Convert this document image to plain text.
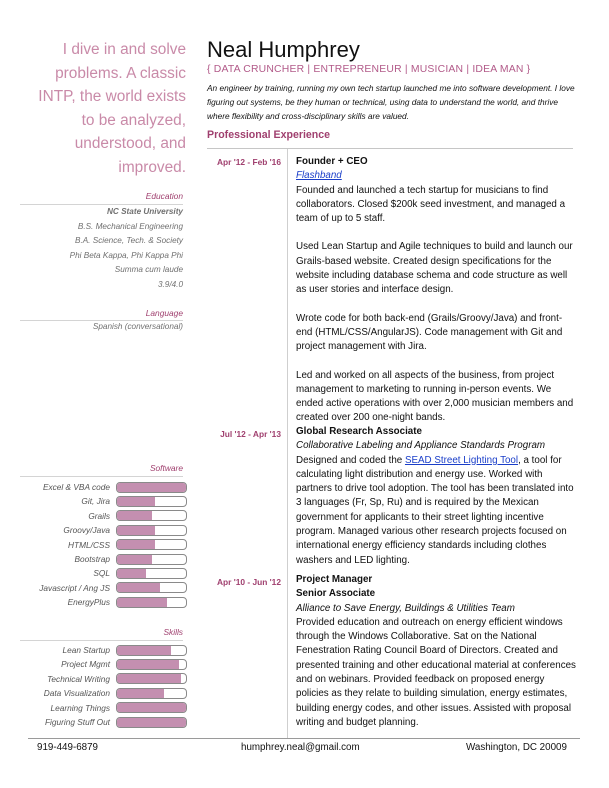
I dive in and solve
problems. A classic
INTP, the world exists
to be analyzed,
understood, and
improved.
Neal Humphrey
{ DATA CRUNCHER | ENTREPRENEUR | MUSICIAN | IDEA MAN }
An engineer by training, running my own tech startup launched me into software development. I love figuring out systems, be they human or technical, using data to understand the world, and thrive where flexibility and cross-disciplinary skills are valued.
Professional Experience
Education
NC State University
B.S. Mechanical Engineering
B.A. Science, Tech. & Society
Phi Beta Kappa, Phi Kappa Phi
Summa cum laude
3.9/4.0
Language
Spanish (conversational)
Software
Excel & VBA code
Git, Jira
Grails
Groovy/Java
HTML/CSS
Bootstrap
SQL
Javascript / Ang JS
EnergyPlus
Skills
Lean Startup
Project Mgmt
Technical Writing
Data Visualization
Learning Things
Figuring Stuff Out
Apr '12 - Feb '16 Founder + CEO

Flashband

Founded and launched a tech startup for musicians to find collaborators. Closed $200k seed investment, and managed a team of up to 5 staff.

Used Lean Startup and Agile techniques to build and launch our Grails-based website. Created design specifications for the website including database schema and code structure as well as user stories and interface design.

Wrote code for both back-end (Grails/Groovy/Java) and front-end (HTML/CSS/AngularJS). Code management with Git and project management with Jira.

Led and worked on all aspects of the business, from project management to marketing to running in-person events. We ended active operations with over 2,000 musician members and created over 200 one-night bands.

Jul '12 - Apr '13 Global Research Associate

Collaborative Labeling and Appliance Standards Program

Designed and coded the SEAD Street Lighting Tool, a tool for calculating light distribution and energy use. Worked with partners to drive tool adoption. The tool has been translated into 3 languages (Fr, Sp, Ru) and is required by the Mexican government for applicants to their street lighting incentive program. Managed various other research projects focused on international energy efficiency standards including clothes washers and LED lighting.

Apr '10 - Jun '12 Project Manager

Senior Associate

Alliance to Save Energy, Buildings & Utilities Team

Provided education and outreach on energy efficient windows through the Windows Collaborative. Sat on the National Fenestration Rating Council Board of Directors. Created and presented training and other educational material at conferences and on webinars. Provided feedback on proposed energy policies as they relate to building simulation, energy estimates, building energy codes, and other issues. Assisted with proposal writing and budget planning.

919-449-6879	humphrey.neal@gmail.com	Washington, DC 20009
